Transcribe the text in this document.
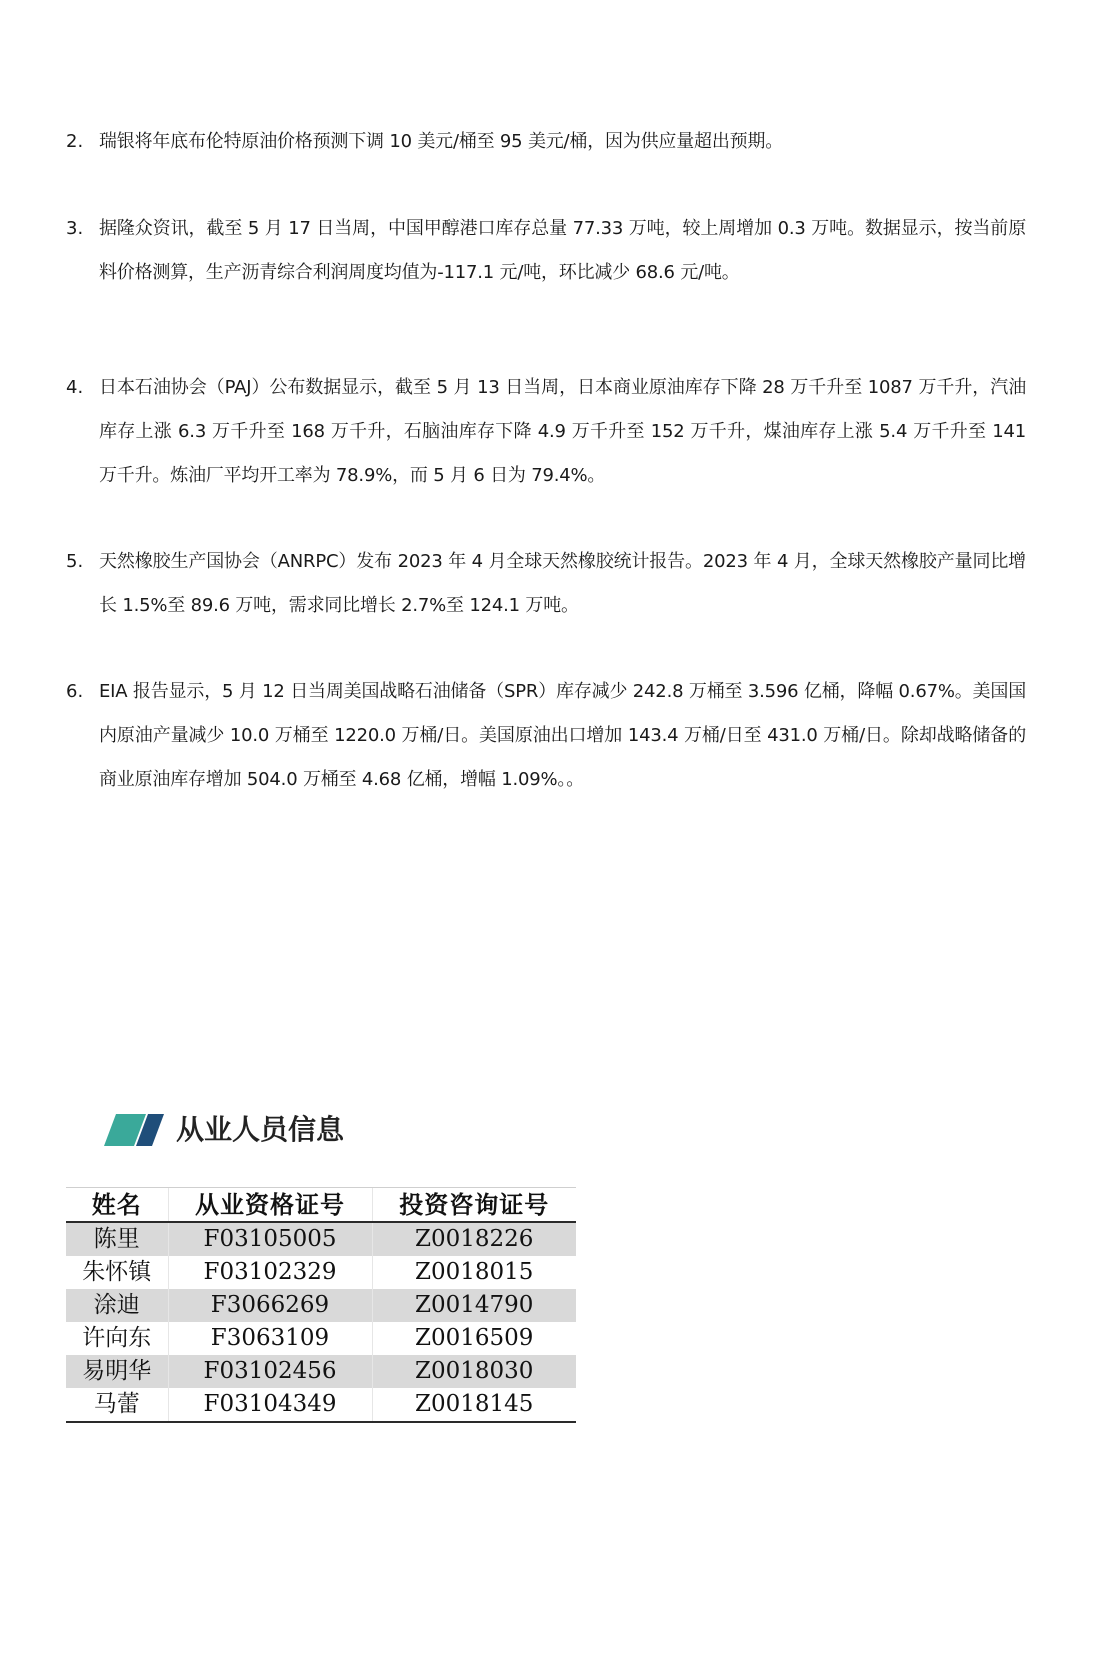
2. 瑞银将年底布伦特原油价格预测下调 10 美元/桶至 95 美元/桶，因为供应量超出预期。
3. 据隆众资讯，截至 5 月 17 日当周，中国甲醇港口库存总量 77.33 万吨，较上周增加 0.3 万吨。数据显示，按当前原料价格测算，生产沥青综合利润周度均值为-117.1 元/吨，环比减少 68.6 元/吨。
4. 日本石油协会（PAJ）公布数据显示，截至 5 月 13 日当周，日本商业原油库存下降 28 万千升至 1087 万千升，汽油库存上涨 6.3 万千升至 168 万千升，石脑油库存下降 4.9 万千升至 152 万千升，煤油库存上涨 5.4 万千升至 141 万千升。炼油厂平均开工率为 78.9%，而 5 月 6 日为 79.4%。
5. 天然橡胶生产国协会（ANRPC）发布 2023 年 4 月全球天然橡胶统计报告。2023 年 4 月，全球天然橡胶产量同比增长 1.5%至 89.6 万吨，需求同比增长 2.7%至 124.1 万吨。
6. EIA 报告显示，5 月 12 日当周美国战略石油储备（SPR）库存减少 242.8 万桶至 3.596 亿桶，降幅 0.67%。美国国内原油产量减少 10.0 万桶至 1220.0 万桶/日。美国原油出口增加 143.4 万桶/日至 431.0 万桶/日。除却战略储备的商业原油库存增加 504.0 万桶至 4.68 亿桶，增幅 1.09%。。
从业人员信息
姓名	从业资格证号	投资咨询证号
陈里	F03105005	Z0018226
朱怀镇	F03102329	Z0018015
涂迪	F3066269	Z0014790
许向东	F3063109	Z0016509
易明华	F03102456	Z0018030
马蕾	F03104349	Z0018145
